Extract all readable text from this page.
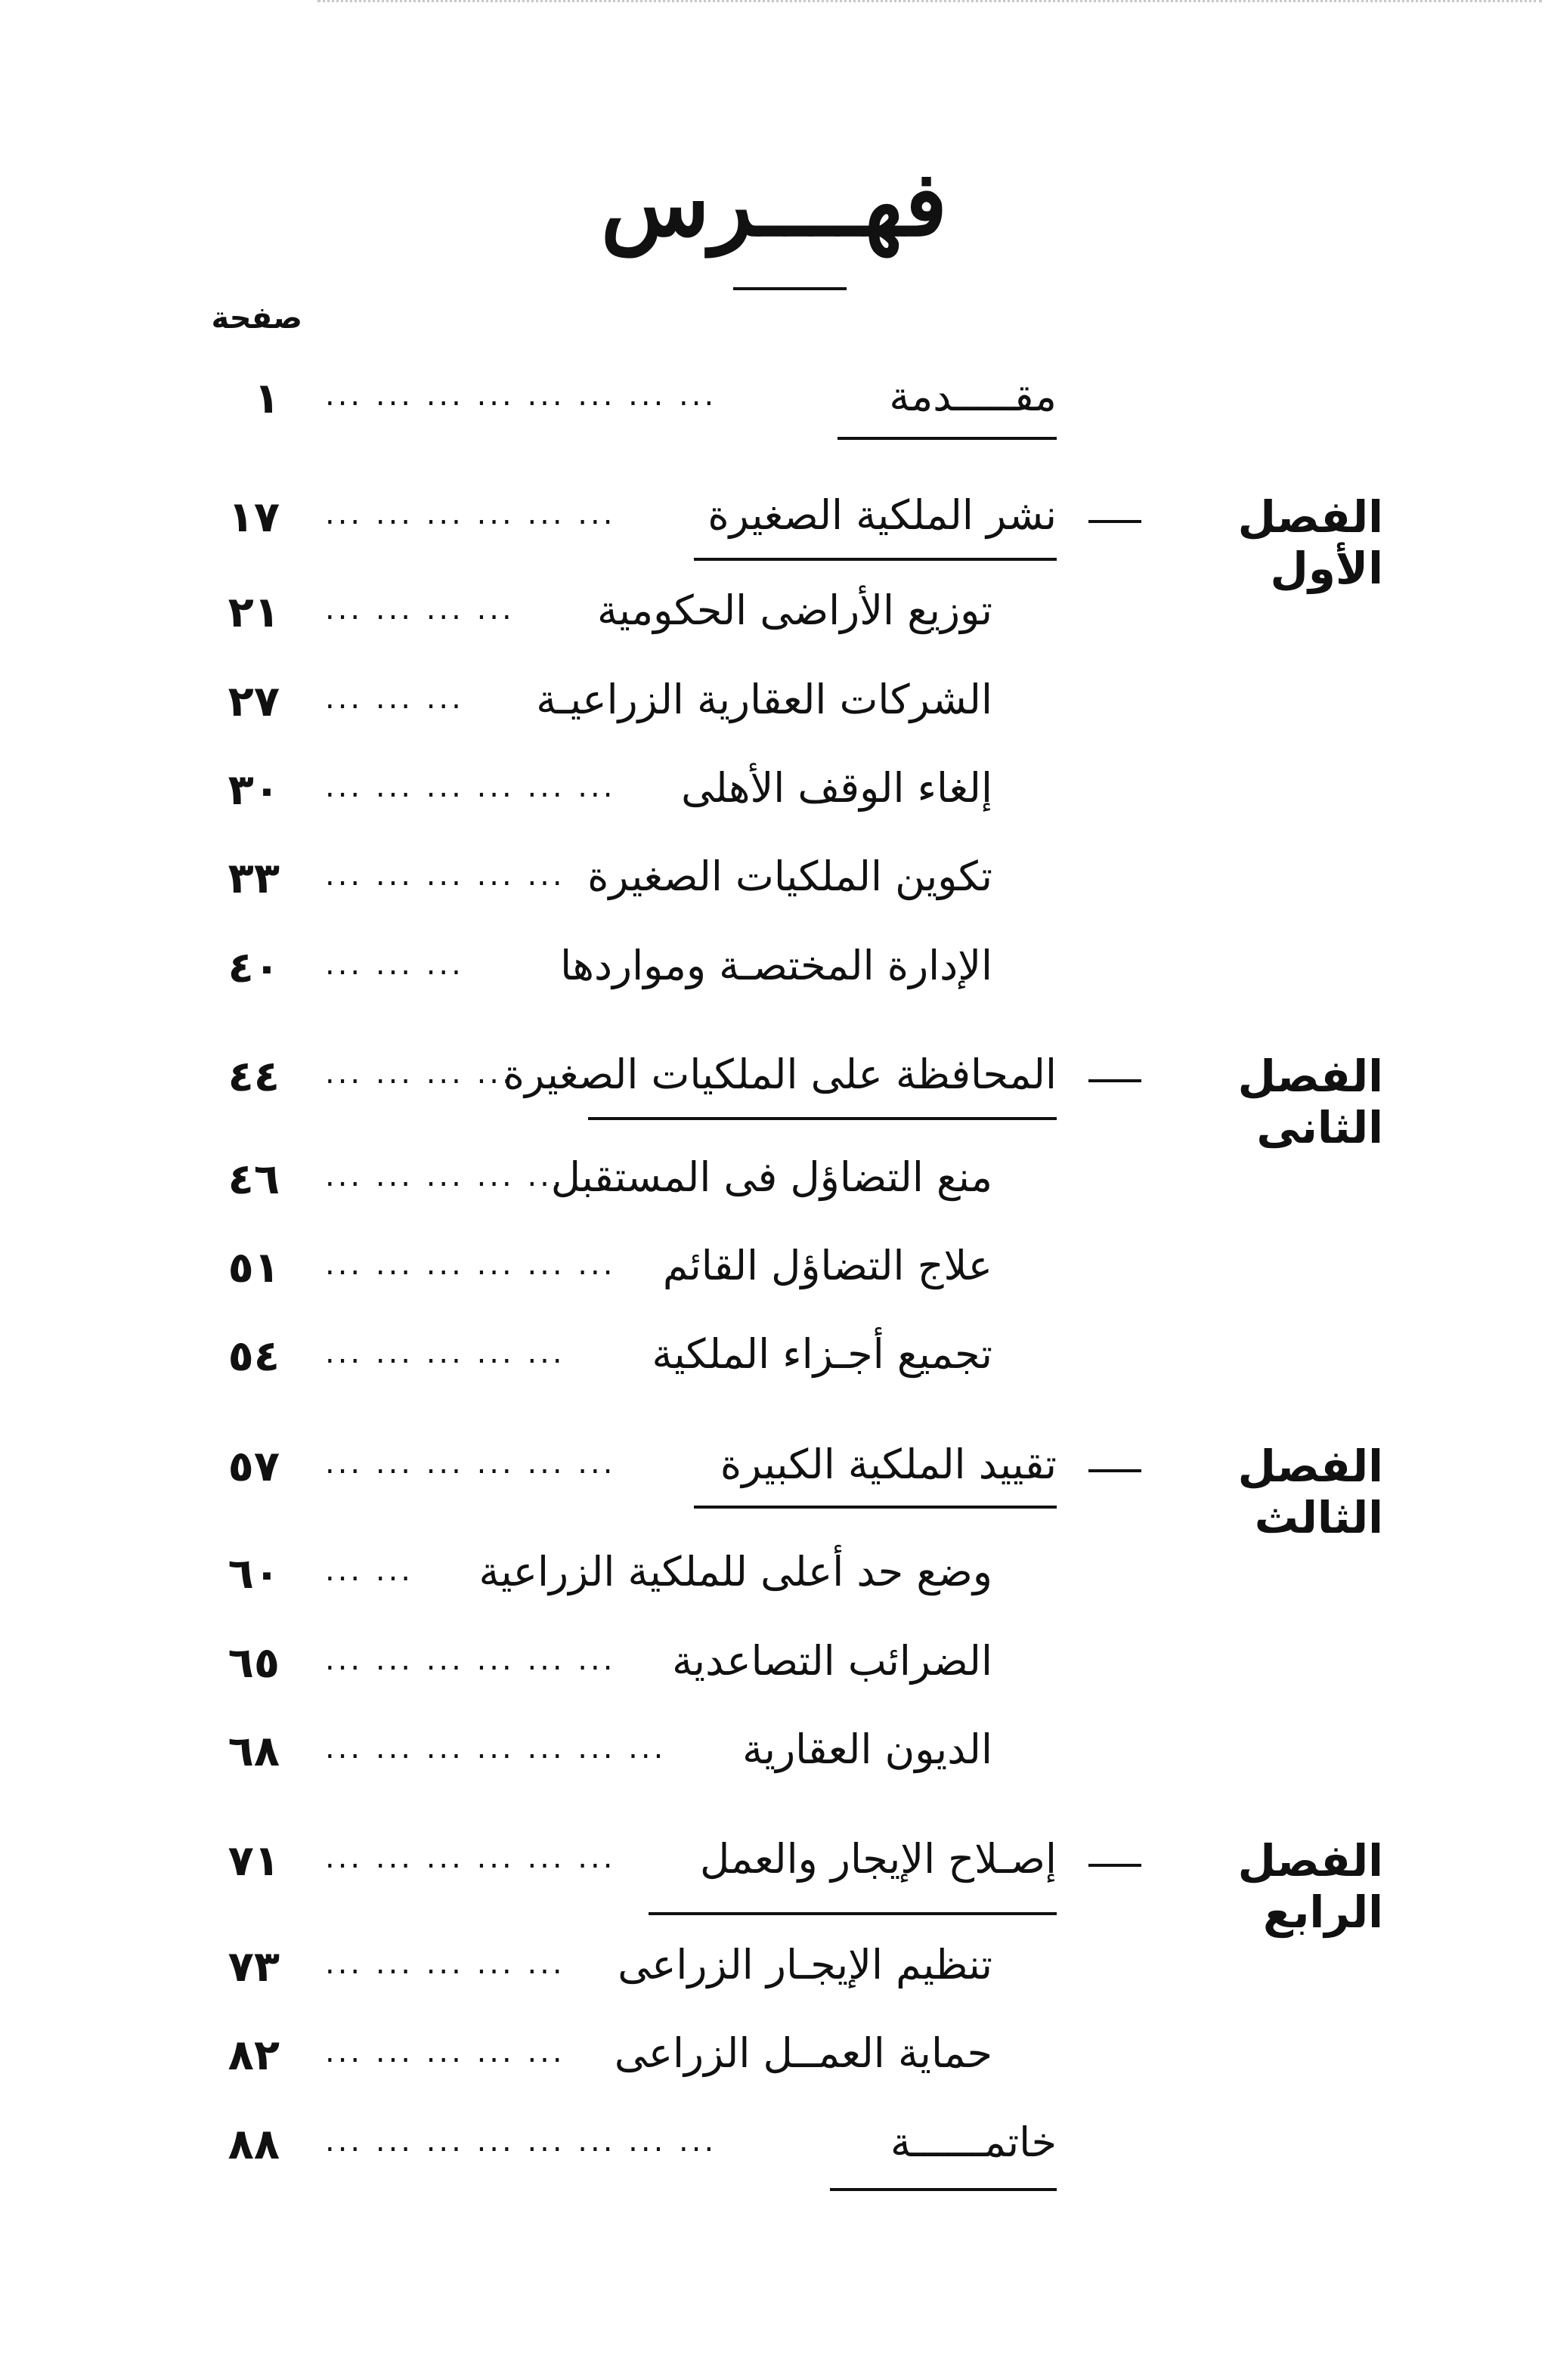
فهــــرس
صفحة
مقـــــدمة
... ... ... ... ... ... ... ...
١
الفصل الأول
نشر الملكية الصغيرة
... ... ... ... ... ...
١٧
توزيع الأراضى الحكومية
... ... ... ...
٢١
الشركات العقارية الزراعيـة
... ... ...
٢٧
إلغاء الوقف الأهلى
... ... ... ... ... ...
٣٠
تكوين الملكيات الصغيرة
... ... ... ... ...
٣٣
الإدارة المختصـة ومواردها
... ... ...
٤٠
الفصل الثانى
المحافظة على الملكيات الصغيرة
... ... ... ...
٤٤
منع التضاؤل فى المستقبل
... ... ... ... ...
٤٦
علاج التضاؤل القائم
... ... ... ... ... ...
٥١
تجميع أجـزاء الملكية
... ... ... ... ...
٥٤
الفصل الثالث
تقييد الملكية الكبيرة
... ... ... ... ... ...
٥٧
وضع حد أعلى للملكية الزراعية
... ...
٦٠
الضرائب التصاعدية
... ... ... ... ... ...
٦٥
الديون العقارية
... ... ... ... ... ... ...
٦٨
الفصل الرابع
إصـلاح الإيجار والعمل
... ... ... ... ... ...
٧١
تنظيم الإيجـار الزراعى
... ... ... ... ...
٧٣
حماية العمــل الزراعى
... ... ... ... ...
٨٢
خاتمــــــة
... ... ... ... ... ... ... ...
٨٨
